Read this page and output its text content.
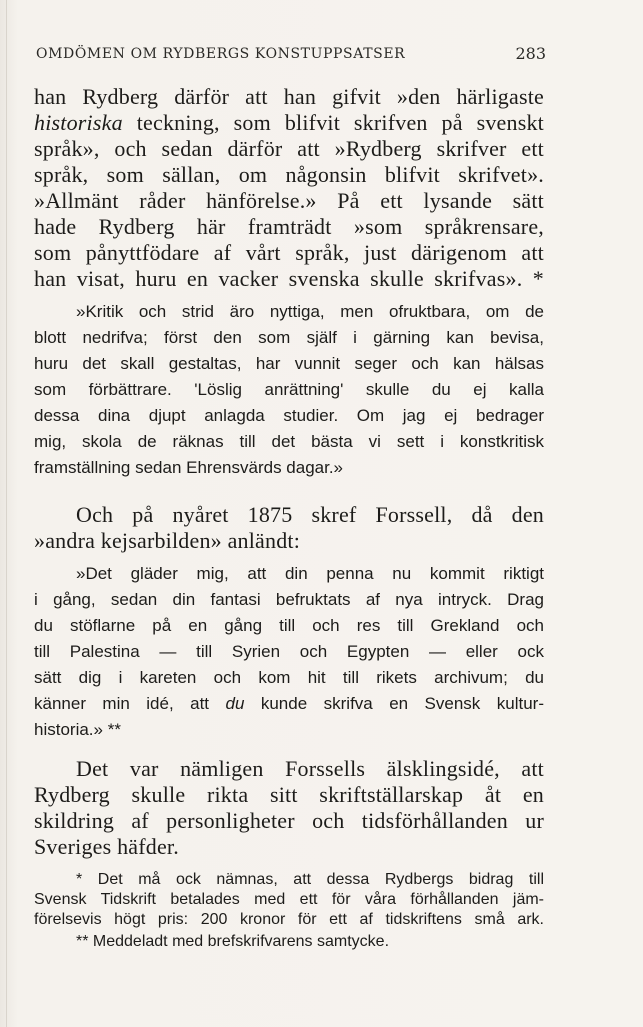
OMDÖMEN OM RYDBERGS KONSTUPPSATSER	283
han Rydberg därför att han gifvit »den härligaste
historiska teckning, som blifvit skrifven på svenskt
språk», och sedan därför att »Rydberg skrifver ett
språk, som sällan, om någonsin blifvit skrifvet».
»Allmänt råder hänförelse.» På ett lysande sätt
hade Rydberg här framträdt »som språkrensare,
som pånyttfödare af vårt språk, just därigenom att
han visat, huru en vacker svenska skulle skrifvas». *
»Kritik och strid äro nyttiga, men ofruktbara, om de
blott nedrifva; först den som själf i gärning kan bevisa,
huru det skall gestaltas, har vunnit seger och kan hälsas
som förbättrare. 'Löslig anrättning' skulle du ej kalla
dessa dina djupt anlagda studier. Om jag ej bedrager
mig, skola de räknas till det bästa vi sett i konstkritisk
framställning sedan Ehrensvärds dagar.»
Och på nyåret 1875 skref Forssell, då den
»andra kejsarbilden» anländt:
»Det gläder mig, att din penna nu kommit riktigt
i gång, sedan din fantasi befruktats af nya intryck. Drag
du stöflarne på en gång till och res till Grekland och
till Palestina — till Syrien och Egypten — eller ock
sätt dig i kareten och kom hit till rikets archivum; du
känner min idé, att du kunde skrifva en Svensk kultur-
historia.» **
Det var nämligen Forssells älsklingsidé, att
Rydberg skulle rikta sitt skriftställarskap åt en
skildring af personligheter och tidsförhållanden ur
Sveriges häfder.
* Det må ock nämnas, att dessa Rydbergs bidrag till
Svensk Tidskrift betalades med ett för våra förhållanden jäm-
förelsevis högt pris: 200 kronor för ett af tidskriftens små ark.
** Meddeladt med brefskrifvarens samtycke.
